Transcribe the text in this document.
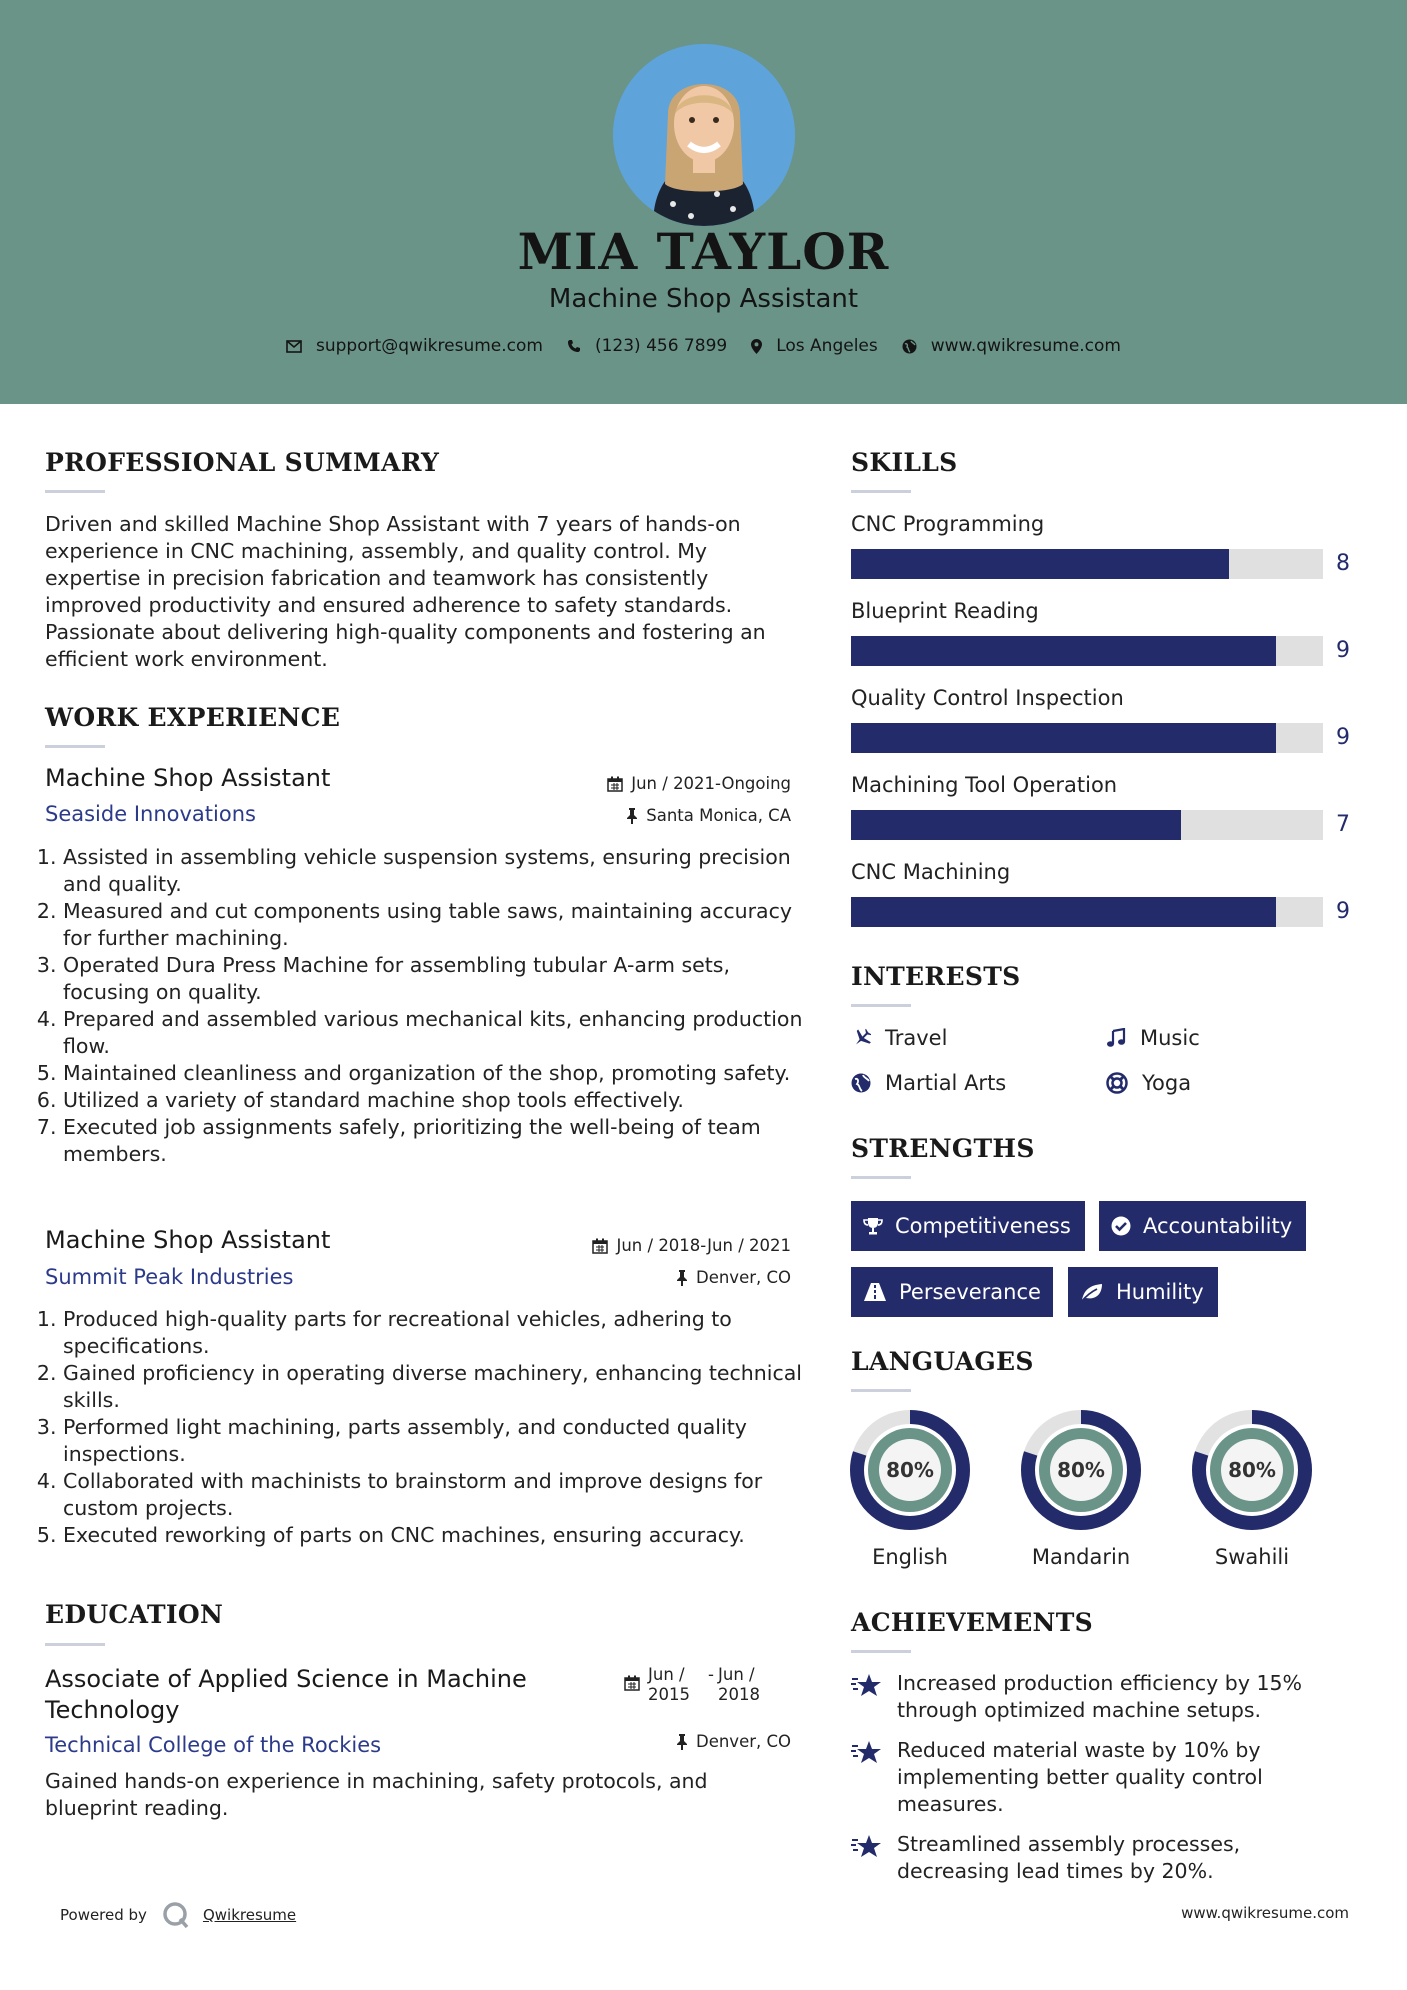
MIA TAYLOR
Machine Shop Assistant
support@qwikresume.com	(123) 456 7899	Los Angeles	www.qwikresume.com
PROFESSIONAL SUMMARY
Driven and skilled Machine Shop Assistant with 7 years of hands-on experience in CNC machining, assembly, and quality control. My expertise in precision fabrication and teamwork has consistently improved productivity and ensured adherence to safety standards. Passionate about delivering high-quality components and fostering an efficient work environment.
WORK EXPERIENCE
Machine Shop Assistant	Jun / 2021-Ongoing
Seaside Innovations	Santa Monica, CA
1. Assisted in assembling vehicle suspension systems, ensuring precision and quality.
2. Measured and cut components using table saws, maintaining accuracy for further machining.
3. Operated Dura Press Machine for assembling tubular A-arm sets, focusing on quality.
4. Prepared and assembled various mechanical kits, enhancing production flow.
5. Maintained cleanliness and organization of the shop, promoting safety.
6. Utilized a variety of standard machine shop tools effectively.
7. Executed job assignments safely, prioritizing the well-being of team members.
Machine Shop Assistant	Jun / 2018-Jun / 2021
Summit Peak Industries	Denver, CO
1. Produced high-quality parts for recreational vehicles, adhering to specifications.
2. Gained proficiency in operating diverse machinery, enhancing technical skills.
3. Performed light machining, parts assembly, and conducted quality inspections.
4. Collaborated with machinists to brainstorm and improve designs for custom projects.
5. Executed reworking of parts on CNC machines, ensuring accuracy.
EDUCATION
Associate of Applied Science in Machine Technology
Jun / 2015
- Jun / 2018
Technical College of the Rockies	Denver, CO
Gained hands-on experience in machining, safety protocols, and blueprint reading.
SKILLS
CNC Programming
8
Blueprint Reading
9
Quality Control Inspection
9
Machining Tool Operation
7
CNC Machining
9
INTERESTS
Travel	Music
Martial Arts	Yoga
STRENGTHS
Competitiveness	Accountability
Perseverance	Humility
LANGUAGES
80%
English
80%
Mandarin
80%
Swahili
ACHIEVEMENTS
Increased production efficiency by 15% through optimized machine setups.
Reduced material waste by 10% by implementing better quality control measures.
Streamlined assembly processes, decreasing lead times by 20%.
Powered by	Qwikresume	www.qwikresume.com
